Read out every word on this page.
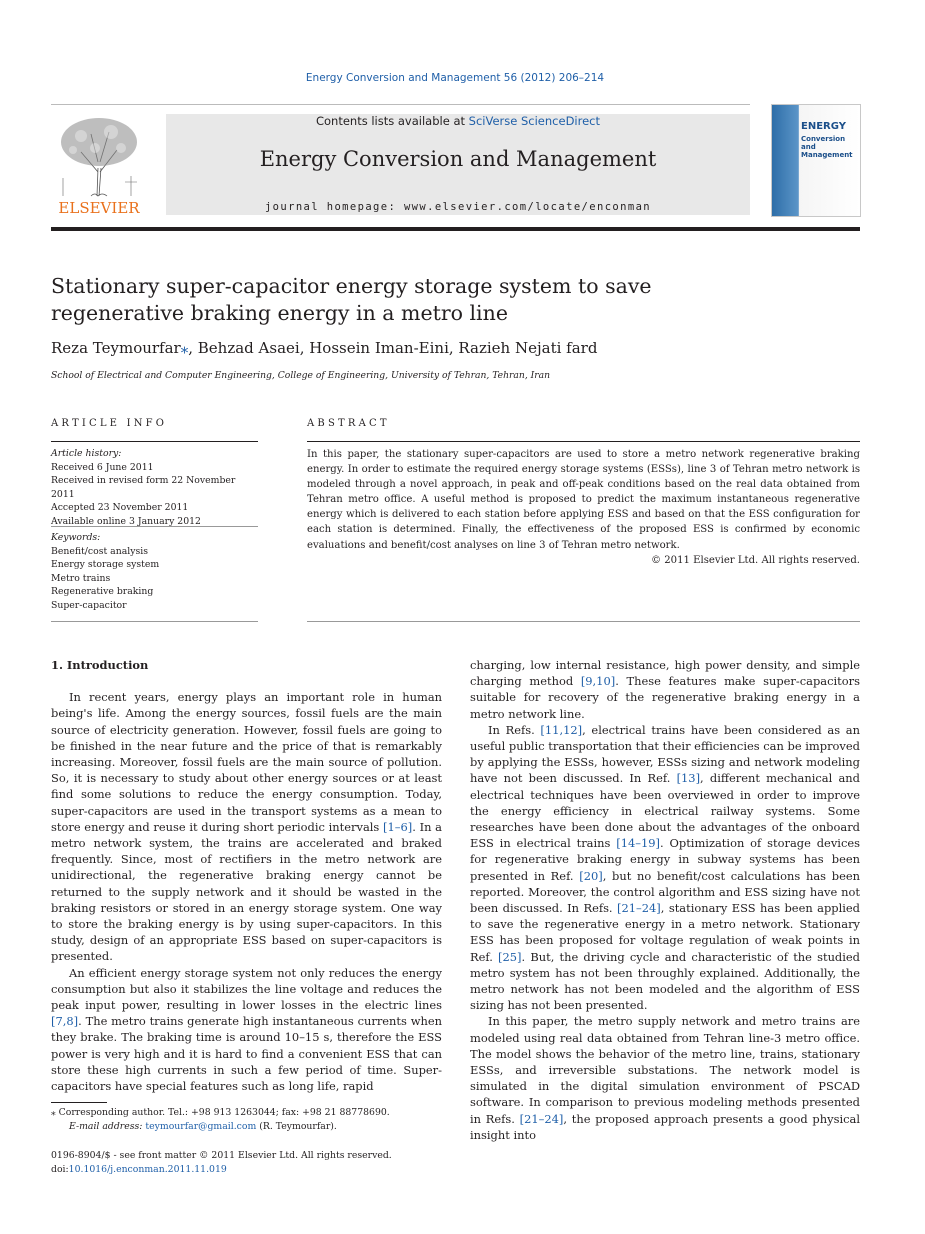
Energy Conversion and Management 56 (2012) 206–214
ELSEVIER
Contents lists available at SciVerse ScienceDirect
Energy Conversion and Management
journal homepage: www.elsevier.com/locate/enconman
ENERGY
Conversion and Management
Stationary super-capacitor energy storage system to save regenerative braking energy in a metro line
Reza Teymourfar⁎, Behzad Asaei, Hossein Iman-Eini, Razieh Nejati fard
School of Electrical and Computer Engineering, College of Engineering, University of Tehran, Tehran, Iran
ARTICLE INFO	ABSTRACT
Article history:
Received 6 June 2011
Received in revised form 22 November 2011
Accepted 23 November 2011
Available online 3 January 2012
Keywords:
Benefit/cost analysis
Energy storage system
Metro trains
Regenerative braking
Super-capacitor
In this paper, the stationary super-capacitors are used to store a metro network regenerative braking energy. In order to estimate the required energy storage systems (ESSs), line 3 of Tehran metro network is modeled through a novel approach, in peak and off-peak conditions based on the real data obtained from Tehran metro office. A useful method is proposed to predict the maximum instantaneous regenerative energy which is delivered to each station before applying ESS and based on that the ESS configuration for each station is determined. Finally, the effectiveness of the proposed ESS is confirmed by economic evaluations and benefit/cost analyses on line 3 of Tehran metro network.
© 2011 Elsevier Ltd. All rights reserved.
1. Introduction

In recent years, energy plays an important role in human being's life. Among the energy sources, fossil fuels are the main source of electricity generation. However, fossil fuels are going to be finished in the near future and the price of that is remarkably increasing. Moreover, fossil fuels are the main source of pollution. So, it is necessary to study about other energy sources or at least find some solutions to reduce the energy consumption. Today, super-capacitors are used in the transport systems as a mean to store energy and reuse it during short periodic intervals [1–6]. In a metro network system, the trains are accelerated and braked frequently. Since, most of rectifiers in the metro network are unidirectional, the regenerative braking energy cannot be returned to the supply network and it should be wasted in the braking resistors or stored in an energy storage system. One way to store the braking energy is by using super-capacitors. In this study, design of an appropriate ESS based on super-capacitors is presented.

An efficient energy storage system not only reduces the energy consumption but also it stabilizes the line voltage and reduces the peak input power, resulting in lower losses in the electric lines [7,8]. The metro trains generate high instantaneous currents when they brake. The braking time is around 10–15 s, therefore the ESS power is very high and it is hard to find a convenient ESS that can store these high currents in such a few period of time. Super-capacitors have special features such as long life, rapid

charging, low internal resistance, high power density, and simple charging method [9,10]. These features make super-capacitors suitable for recovery of the regenerative braking energy in a metro network line.

In Refs. [11,12], electrical trains have been considered as an useful public transportation that their efficiencies can be improved by applying the ESSs, however, ESSs sizing and network modeling have not been discussed. In Ref. [13], different mechanical and electrical techniques have been overviewed in order to improve the energy efficiency in electrical railway systems. Some researches have been done about the advantages of the onboard ESS in electrical trains [14–19]. Optimization of storage devices for regenerative braking energy in subway systems has been presented in Ref. [20], but no benefit/cost calculations has been reported. Moreover, the control algorithm and ESS sizing have not been discussed. In Refs. [21–24], stationary ESS has been applied to save the regenerative energy in a metro network. Stationary ESS has been proposed for voltage regulation of weak points in Ref. [25]. But, the driving cycle and characteristic of the studied metro system has not been throughly explained. Additionally, the metro network has not been modeled and the algorithm of ESS sizing has not been presented.

In this paper, the metro supply network and metro trains are modeled using real data obtained from Tehran line-3 metro office. The model shows the behavior of the metro line, trains, stationary ESSs, and irreversible substations. The network model is simulated in the digital simulation environment of PSCAD software. In comparison to previous modeling methods presented in Refs. [21–24], the proposed approach presents a good physical insight into

⁎ Corresponding author. Tel.: +98 913 1263044; fax: +98 21 88778690.
E-mail address: teymourfar@gmail.com (R. Teymourfar).
0196-8904/$ - see front matter © 2011 Elsevier Ltd. All rights reserved.
doi:10.1016/j.enconman.2011.11.019
